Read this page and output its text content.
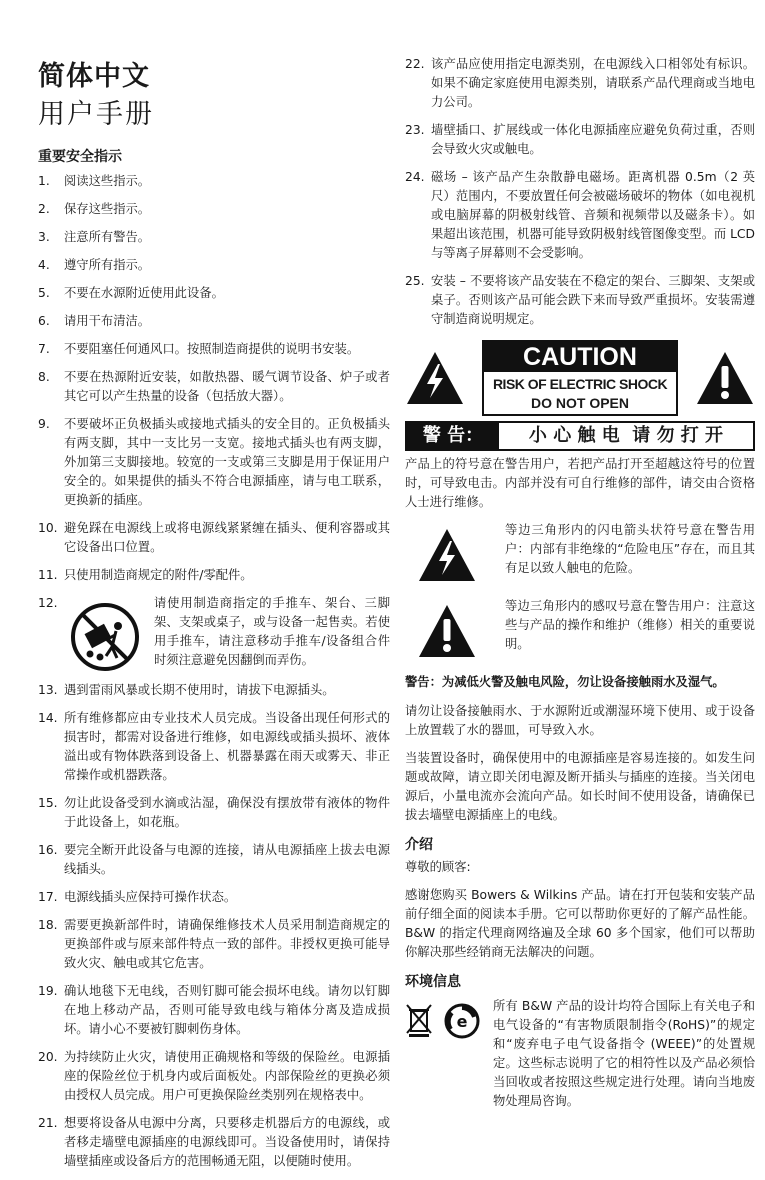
简体中文
用户手册
重要安全指示
1.	阅读这些指示。
2.	保存这些指示。
3.	注意所有警告。
4.	遵守所有指示。
5.	不要在水源附近使用此设备。
6.	请用干布清洁。
7.	不要阻塞任何通风口。按照制造商提供的说明书安装。
8.	不要在热源附近安装，如散热器、暖气调节设备、炉子或者其它可以产生热量的设备（包括放大器）。
9.	不要破坏正负极插头或接地式插头的安全目的。正负极插头有两支脚，其中一支比另一支宽。接地式插头也有两支脚，外加第三支脚接地。较宽的一支或第三支脚是用于保证用户安全的。如果提供的插头不符合电源插座，请与电工联系，更换新的插座。
10. 避免踩在电源线上或将电源线紧紧缠在插头、便利容器或其它设备出口位置。
11. 只使用制造商规定的附件/零配件。
12.	请使用制造商指定的手推车、架台、三脚架、支架或桌子，或与设备一起售卖。若使用手推车，请注意移动手推车/设备组合件时须注意避免因翻倒而弄伤。
13. 遇到雷雨风暴或长期不使用时，请拔下电源插头。
14. 所有维修都应由专业技术人员完成。当设备出现任何形式的损害时，都需对设备进行维修，如电源线或插头损坏、液体溢出或有物体跌落到设备上、机器暴露在雨天或雾天、非正常操作或机器跌落。
15. 勿让此设备受到水滴或沾湿，确保没有摆放带有液体的物件于此设备上，如花瓶。
16. 要完全断开此设备与电源的连接，请从电源插座上拔去电源线插头。
17. 电源线插头应保持可操作状态。
18. 需要更换新部件时，请确保维修技术人员采用制造商规定的更换部件或与原来部件特点一致的部件。非授权更换可能导致火灾、触电或其它危害。
19. 确认地毯下无电线，否则钉脚可能会损坏电线。请勿以钉脚在地上移动产品，否则可能导致电线与箱体分离及造成损坏。请小心不要被钉脚刺伤身体。
20. 为持续防止火灾，请使用正确规格和等级的保险丝。电源插座的保险丝位于机身内或后面板处。内部保险丝的更换必须由授权人员完成。用户可更换保险丝类别列在规格表中。
21. 想要将设备从电源中分离，只要移走机器后方的电源线，或者移走墙壁电源插座的电源线即可。当设备使用时，请保持墙壁插座或设备后方的范围畅通无阻，以便随时使用。
22. 该产品应使用指定电源类别，在电源线入口相邻处有标识。如果不确定家庭使用电源类别，请联系产品代理商或当地电力公司。
23. 墙壁插口、扩展线或一体化电源插座应避免负荷过重，否则会导致火灾或触电。
24. 磁场 – 该产品产生杂散静电磁场。距离机器 0.5m（2 英尺）范围内，不要放置任何会被磁场破坏的物体（如电视机或电脑屏幕的阴极射线管、音频和视频带以及磁条卡）。如果超出该范围，机器可能导致阴极射线管图像变型。而 LCD 与等离子屏幕则不会受影响。
25. 安装 – 不要将该产品安装在不稳定的架台、三脚架、支架或桌子。否则该产品可能会跌下来而导致严重损坏。安装需遵守制造商说明规定。
CAUTION
RISK OF ELECTRIC SHOCK
DO NOT OPEN
警 告：	小 心 触 电  请 勿 打 开

产品上的符号意在警告用户，若把产品打开至超越这符号的位置时，可导致电击。内部并没有可自行维修的部件，请交由合资格人士进行维修。

等边三角形内的闪电箭头状符号意在警告用户：内部有非绝缘的“危险电压”存在，而且其有足以致人触电的危险。
等边三角形内的感叹号意在警告用户：注意这些与产品的操作和维护（维修）相关的重要说明。
警告：为减低火警及触电风险，勿让设备接触雨水及湿气。

请勿让设备接触雨水、于水源附近或潮湿环境下使用、或于设备上放置载了水的器皿，可导致入水。

当装置设备时，确保使用中的电源插座是容易连接的。如发生问题或故障，请立即关闭电源及断开插头与插座的连接。当关闭电源后，小量电流亦会流向产品。如长时间不使用设备，请确保已拔去墙壁电源插座上的电线。

介绍

尊敬的顾客:

感谢您购买 Bowers & Wilkins 产品。请在打开包装和安装产品前仔细全面的阅读本手册。它可以帮助你更好的了解产品性能。B&W 的指定代理商网络遍及全球 60 多个国家，他们可以帮助你解决那些经销商无法解决的问题。

环境信息
e
所有 B&W 产品的设计均符合国际上有关电子和电气设备的“有害物质限制指令(RoHS)”的规定和“废弃电子电气设备指令 (WEEE)”的处置规定。这些标志说明了它的相符性以及产品必须恰当回收或者按照这些规定进行处理。请向当地废物处理局咨询。
